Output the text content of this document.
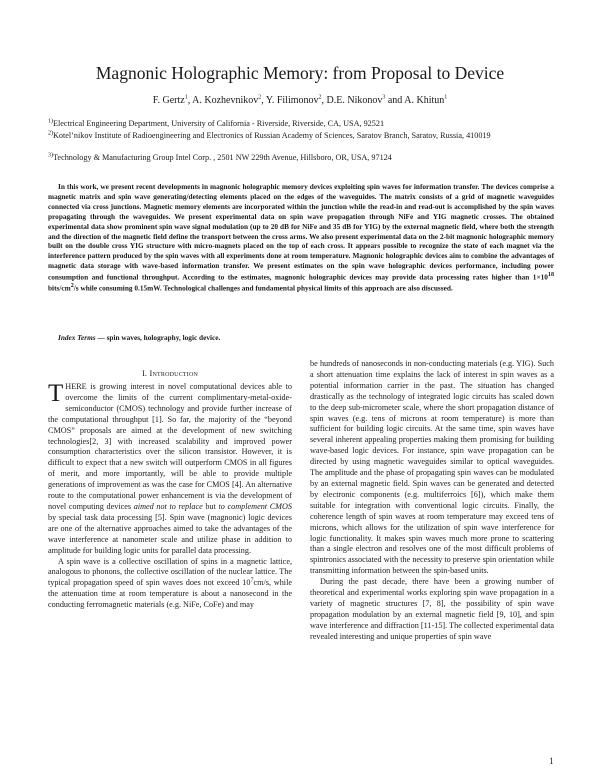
Magnonic Holographic Memory: from Proposal to Device
F. Gertz$^1$, A. Kozhevnikov$^2$, Y. Filimonov$^2$, D.E. Nikonov$^3$ and A. Khitun$^1$
$^{1)}$Electrical Engineering Department, University of California - Riverside, Riverside, CA, USA, 92521
$^{2)}$Kotel’nikov Institute of Radioengineering and Electronics of Russian Academy of Sciences, Saratov Branch, Saratov, Russia, 410019
$^{3)}$Technology & Manufacturing Group Intel Corp. , 2501 NW 229th Avenue, Hillsboro, OR, USA, 97124

In this work, we present recent developments in magnonic holographic memory devices exploiting spin waves for information transfer. The devices comprise a magnetic matrix and spin wave generating/detecting elements placed on the edges of the waveguides. The matrix consists of a grid of magnetic waveguides connected via cross junctions. Magnetic memory elements are incorporated within the junction while the read-in and read-out is accomplished by the spin waves propagating through the waveguides. We present experimental data on spin wave propagation through NiFe and YIG magnetic crosses. The obtained experimental data show prominent spin wave signal modulation (up to 20 dB for NiFe and 35 dB for YIG) by the external magnetic field, where both the strength and the direction of the magnetic field define the transport between the cross arms. We also present experimental data on the 2-bit magnonic holographic memory built on the double cross YIG structure with micro-magnets placed on the top of each cross. It appears possible to recognize the state of each magnet via the interference pattern produced by the spin waves with all experiments done at room temperature. Magnonic holographic devices aim to combine the advantages of magnetic data storage with wave-based information transfer. We present estimates on the spin wave holographic devices performance, including power consumption and functional throughput. According to the estimates, magnonic holographic devices may provide data processing rates higher than $1\times 10^{18}$ bits/$cm^2/s$ while consuming 0.15mW. Technological challenges and fundamental physical limits of this approach are also discussed.

Index Terms — spin waves, holography, logic device.

I. Introduction

THERE is growing interest in novel computational devices able to overcome the limits of the current complimentary-metal-oxide-semiconductor (CMOS) technology and provide further increase of the computational throughput [1]. So far, the majority of the “beyond CMOS” proposals are aimed at the development of new switching technologies[2, 3] with increased scalability and improved power consumption characteristics over the silicon transistor. However, it is difficult to expect that a new switch will outperform CMOS in all figures of merit, and more importantly, will be able to provide multiple generations of improvement as was the case for CMOS [4]. An alternative route to the computational power enhancement is via the development of novel computing devices aimed not to replace but to complement CMOS by special task data processing [5]. Spin wave (magnonic) logic devices are one of the alternative approaches aimed to take the advantages of the wave interference at nanometer scale and utilize phase in addition to amplitude for building logic units for parallel data processing.

A spin wave is a collective oscillation of spins in a magnetic lattice, analogous to phonons, the collective oscillation of the nuclear lattice. The typical propagation speed of spin waves does not exceed $10^7cm/s$, while the attenuation time at room temperature is about a nanosecond in the conducting ferromagnetic materials (e.g. NiFe, CoFe) and may

be hundreds of nanoseconds in non-conducting materials (e.g. YIG). Such a short attenuation time explains the lack of interest in spin waves as a potential information carrier in the past. The situation has changed drastically as the technology of integrated logic circuits has scaled down to the deep sub-micrometer scale, where the short propagation distance of spin waves (e.g. tens of microns at room temperature) is more than sufficient for building logic circuits. At the same time, spin waves have several inherent appealing properties making them promising for building wave-based logic devices. For instance, spin wave propagation can be directed by using magnetic waveguides similar to optical waveguides. The amplitude and the phase of propagating spin waves can be modulated by an external magnetic field. Spin waves can be generated and detected by electronic components (e.g. multiferroics [6]), which make them suitable for integration with conventional logic circuits. Finally, the coherence length of spin waves at room temperature may exceed tens of microns, which allows for the utilization of spin wave interference for logic functionality. It makes spin waves much more prone to scattering than a single electron and resolves one of the most difficult problems of spintronics associated with the necessity to preserve spin orientation while transmitting information between the spin-based units.

During the past decade, there have been a growing number of theoretical and experimental works exploring spin wave propagation in a variety of magnetic structures [7, 8], the possibility of spin wave propagation modulation by an external magnetic field [9, 10], and spin wave interference and diffraction [11-15]. The collected experimental data revealed interesting and unique properties of spin wave

1
